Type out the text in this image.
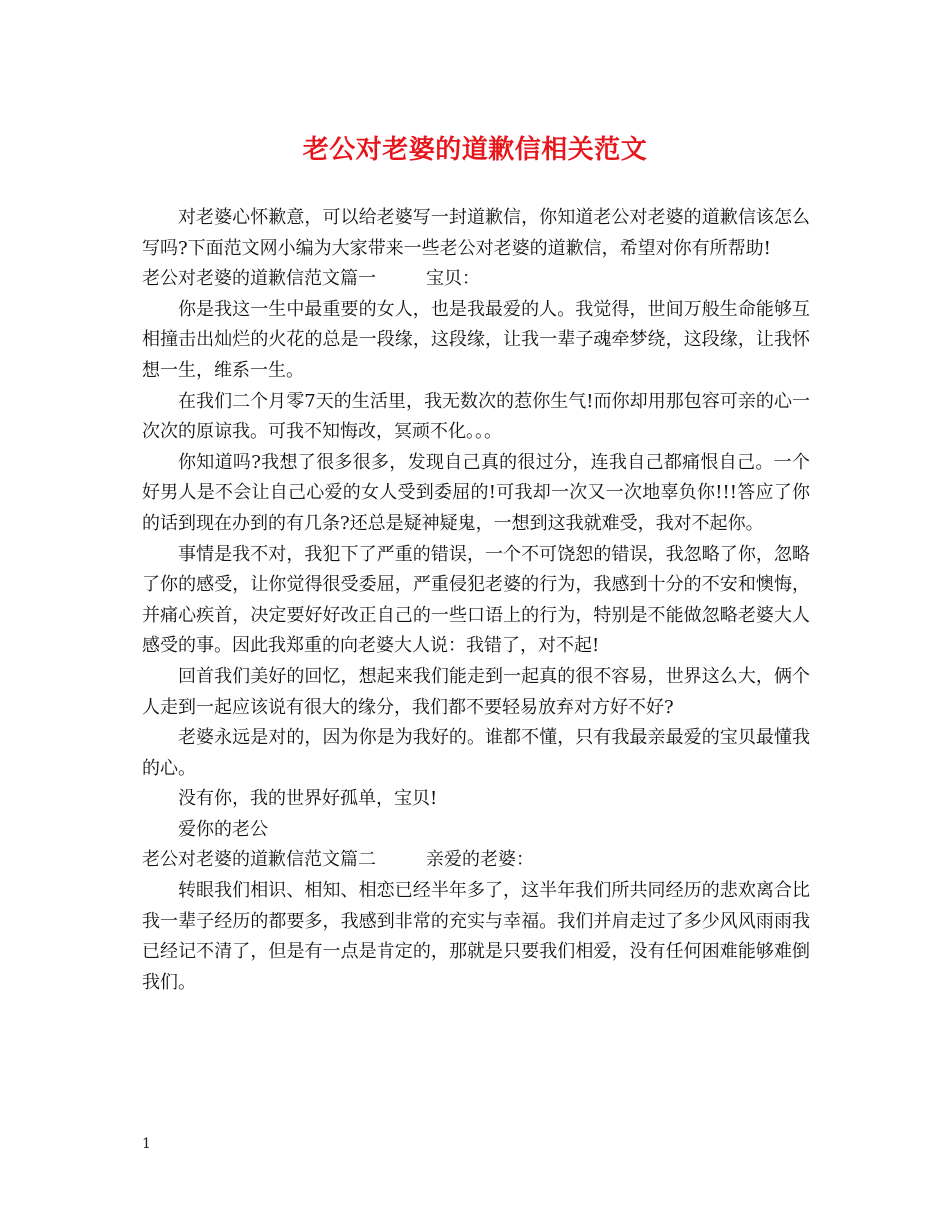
老公对老婆的道歉信相关范文

对老婆心怀歉意，可以给老婆写一封道歉信，你知道老公对老婆的道歉信该怎么写吗?下面范文网小编为大家带来一些老公对老婆的道歉信，希望对你有所帮助!

老公对老婆的道歉信范文篇一	宝贝：

你是我这一生中最重要的女人，也是我最爱的人。我觉得，世间万般生命能够互相撞击出灿烂的火花的总是一段缘，这段缘，让我一辈子魂牵梦绕，这段缘，让我怀想一生，维系一生。

在我们二个月零7天的生活里，我无数次的惹你生气!而你却用那包容可亲的心一次次的原谅我。可我不知悔改，冥顽不化。。。

你知道吗?我想了很多很多，发现自己真的很过分，连我自己都痛恨自己。一个好男人是不会让自己心爱的女人受到委屈的!可我却一次又一次地辜负你!!!答应了你的话到现在办到的有几条?还总是疑神疑鬼，一想到这我就难受，我对不起你。

事情是我不对，我犯下了严重的错误，一个不可饶恕的错误，我忽略了你，忽略了你的感受，让你觉得很受委屈，严重侵犯老婆的行为，我感到十分的不安和懊悔，并痛心疾首，决定要好好改正自己的一些口语上的行为，特别是不能做忽略老婆大人感受的事。因此我郑重的向老婆大人说：我错了，对不起!

回首我们美好的回忆，想起来我们能走到一起真的很不容易，世界这么大，俩个人走到一起应该说有很大的缘分，我们都不要轻易放弃对方好不好?

老婆永远是对的，因为你是为我好的。谁都不懂，只有我最亲最爱的宝贝最懂我的心。

没有你，我的世界好孤单，宝贝!

爱你的老公

老公对老婆的道歉信范文篇二	亲爱的老婆：

转眼我们相识、相知、相恋已经半年多了，这半年我们所共同经历的悲欢离合比我一辈子经历的都要多，我感到非常的充实与幸福。我们并肩走过了多少风风雨雨我已经记不清了，但是有一点是肯定的，那就是只要我们相爱，没有任何困难能够难倒我们。

1
